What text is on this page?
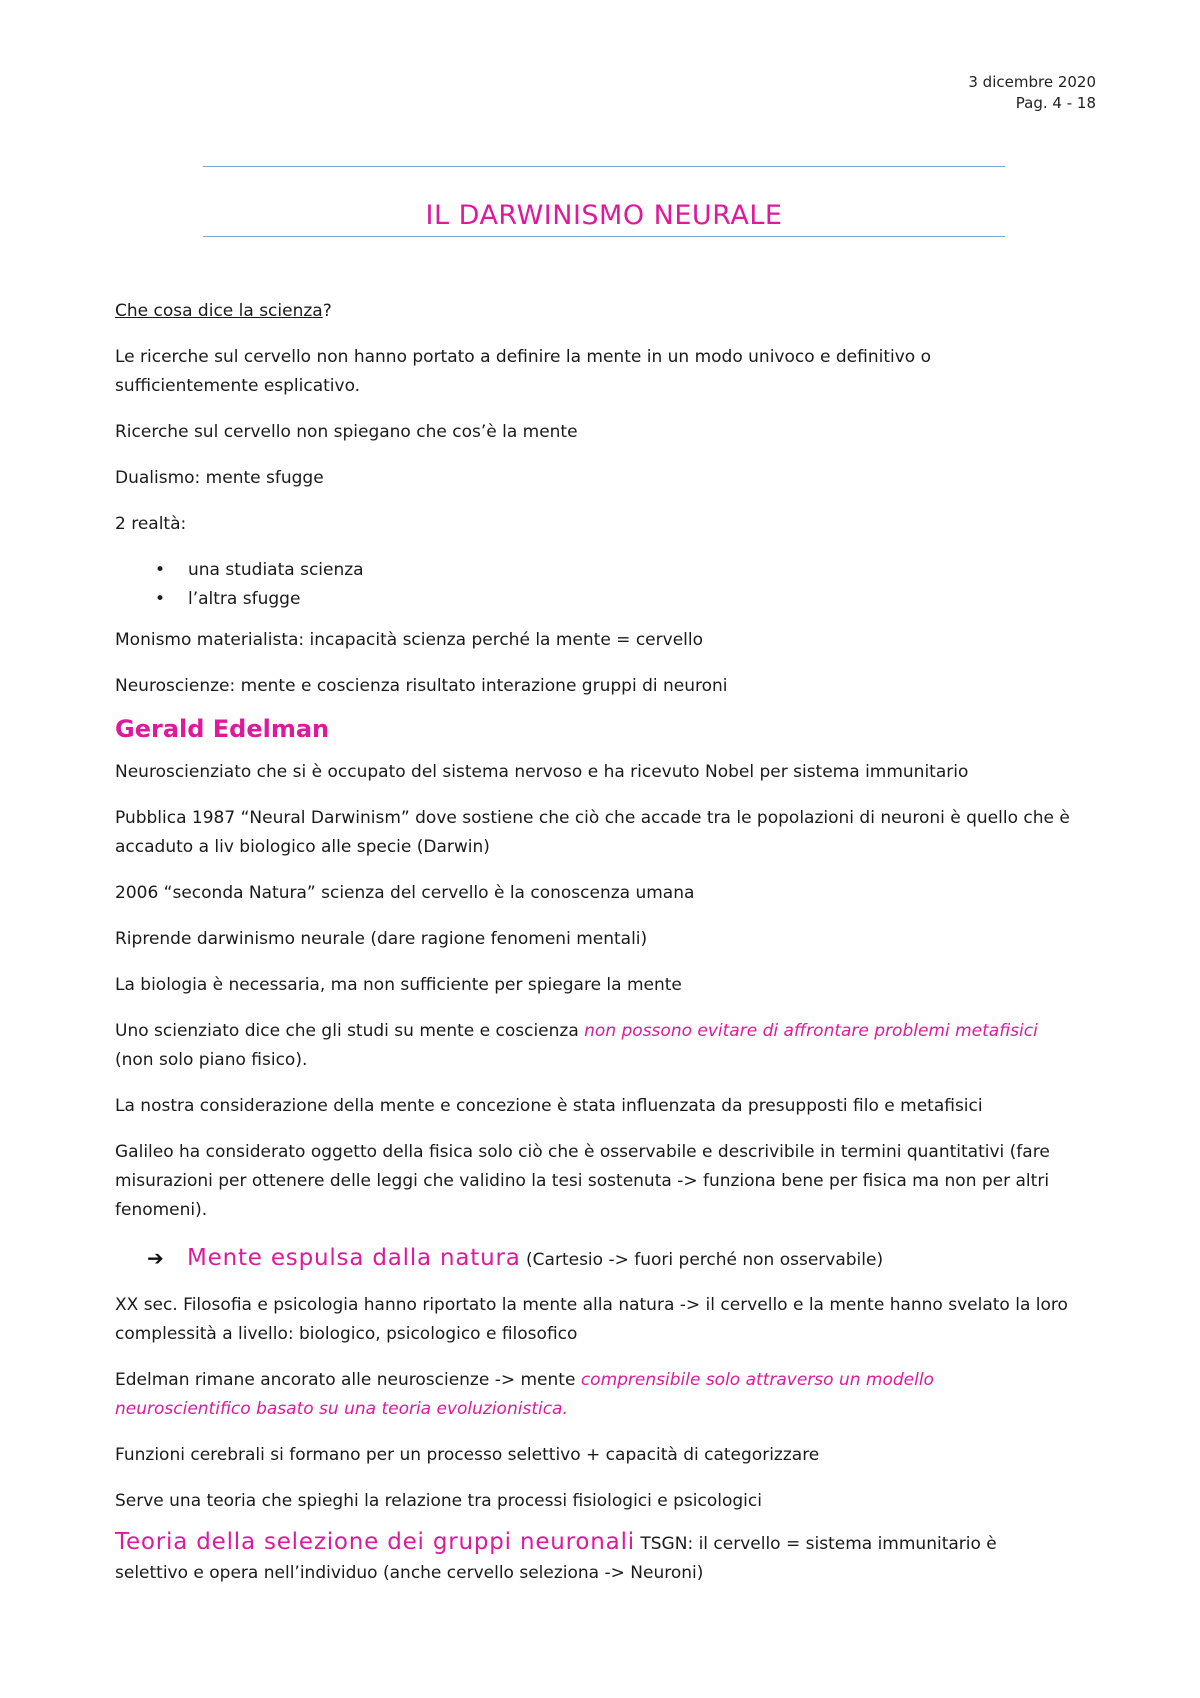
3 dicembre 2020
Pag. 4 - 18
IL DARWINISMO NEURALE

Che cosa dice la scienza?

Le ricerche sul cervello non hanno portato a definire la mente in un modo univoco e definitivo o sufficientemente esplicativo.

Ricerche sul cervello non spiegano che cos’è la mente

Dualismo: mente sfugge

2 realtà:

• una studiata scienza
• l’altra sfugge

Monismo materialista: incapacità scienza perché la mente = cervello

Neuroscienze: mente e coscienza risultato interazione gruppi di neuroni

Gerald Edelman

Neuroscienziato che si è occupato del sistema nervoso e ha ricevuto Nobel per sistema immunitario

Pubblica 1987 “Neural Darwinism” dove sostiene che ciò che accade tra le popolazioni di neuroni è quello che è accaduto a liv biologico alle specie (Darwin)

2006 “seconda Natura” scienza del cervello è la conoscenza umana

Riprende darwinismo neurale (dare ragione fenomeni mentali)

La biologia è necessaria, ma non sufficiente per spiegare la mente

Uno scienziato dice che gli studi su mente e coscienza non possono evitare di affrontare problemi metafisici (non solo piano fisico).

La nostra considerazione della mente e concezione è stata influenzata da presupposti filo e metafisici

Galileo ha considerato oggetto della fisica solo ciò che è osservabile e descrivibile in termini quantitativi (fare misurazioni per ottenere delle leggi che validino la tesi sostenuta -> funziona bene per fisica ma non per altri fenomeni).

➔ Mente espulsa dalla natura (Cartesio -> fuori perché non osservabile)

XX sec. Filosofia e psicologia hanno riportato la mente alla natura -> il cervello e la mente hanno svelato la loro complessità a livello: biologico, psicologico e filosofico

Edelman rimane ancorato alle neuroscienze -> mente comprensibile solo attraverso un modello neuroscientifico basato su una teoria evoluzionistica.

Funzioni cerebrali si formano per un processo selettivo + capacità di categorizzare

Serve una teoria che spieghi la relazione tra processi fisiologici e psicologici

Teoria della selezione dei gruppi neuronali TSGN: il cervello = sistema immunitario è selettivo e opera nell’individuo (anche cervello seleziona -> Neuroni)
